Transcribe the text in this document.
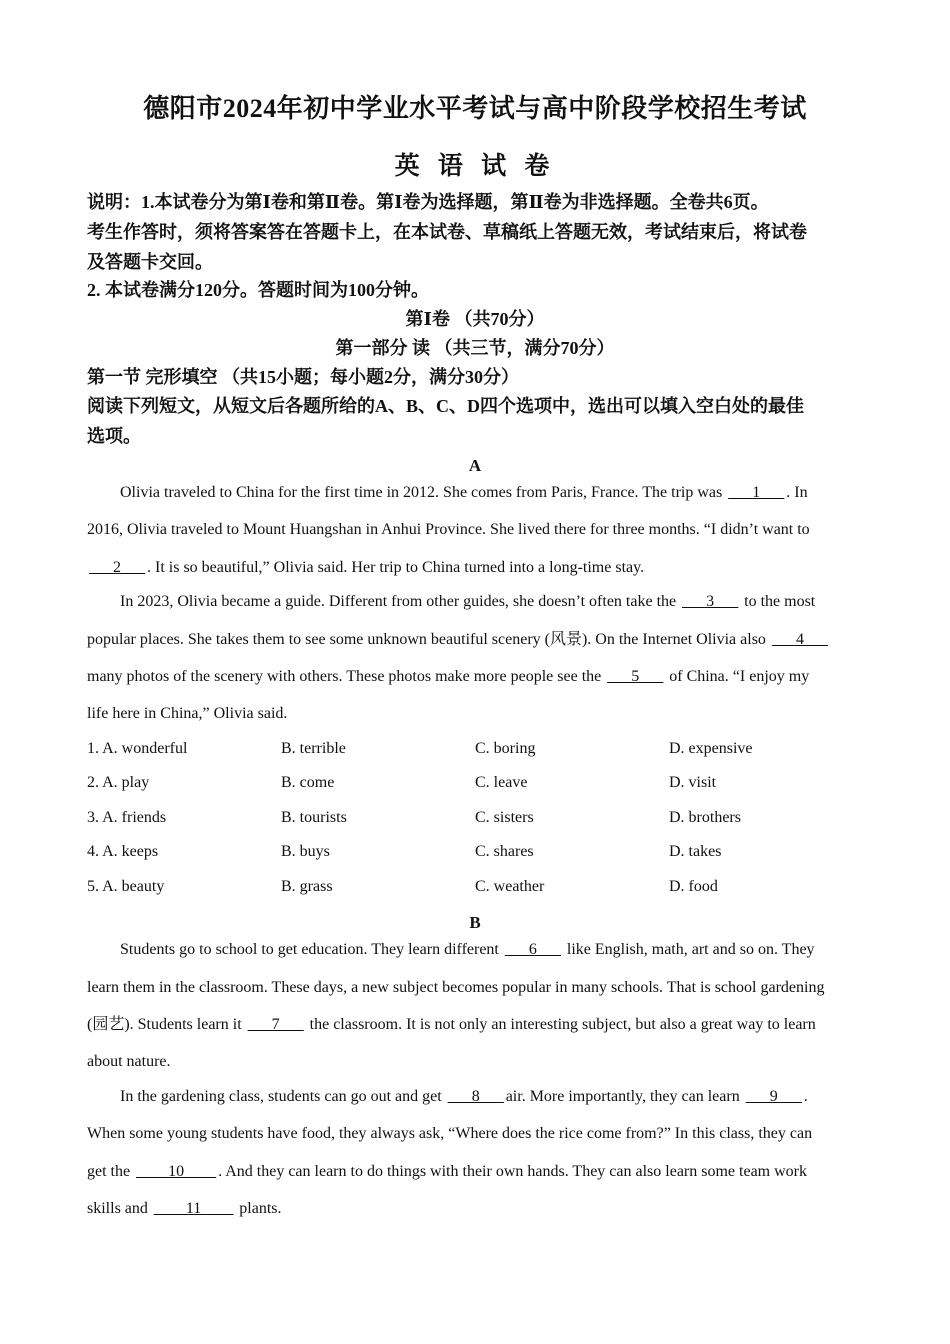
德阳市2024年初中学业水平考试与高中阶段学校招生考试
英 语 试 卷
说明：1.本试卷分为第Ⅰ卷和第Ⅱ卷。第Ⅰ卷为选择题，第Ⅱ卷为非选择题。全卷共6页。
考生作答时，须将答案答在答题卡上，在本试卷、草稿纸上答题无效，考试结束后，将试卷
及答题卡交回。
2. 本试卷满分120分。答题时间为100分钟。
第Ⅰ卷 （共70分）
第一部分 读 （共三节，满分70分）
第一节 完形填空 （共15小题；每小题2分，满分30分）
阅读下列短文，从短文后各题所给的A、B、C、D四个选项中，选出可以填入空白处的最佳
选项。
A
Olivia traveled to China for the first time in 2012. She comes from Paris, France. The trip was ___1___ . In
2016, Olivia traveled to Mount Huangshan in Anhui Province. She lived there for three months. “I didn’t want to
___2___ . It is so beautiful,” Olivia said. Her trip to China turned into a long-time stay.
In 2023, Olivia became a guide. Different from other guides, she doesn’t often take the ___3___ to the most
popular places. She takes them to see some unknown beautiful scenery (风景). On the Internet Olivia also ___4___
many photos of the scenery with others. These photos make more people see the ___5___ of China. “I enjoy my
life here in China,” Olivia said.
1. A. wonderful	B. terrible	C. boring	D. expensive
2. A. play	B. come	C. leave	D. visit
3. A. friends	B. tourists	C. sisters	D. brothers
4. A. keeps	B. buys	C. shares	D. takes
5. A. beauty	B. grass	C. weather	D. food
B
Students go to school to get education. They learn different ___6___ like English, math, art and so on. They
learn them in the classroom. These days, a new subject becomes popular in many schools. That is school gardening
(园艺). Students learn it ___7___ the classroom. It is not only an interesting subject, but also a great way to learn
about nature.
In the gardening class, students can go out and get ___8___ air. More importantly, they can learn ___9___ .
When some young students have food, they always ask, “Where does the rice come from?” In this class, they can
get the ____10____ . And they can learn to do things with their own hands. They can also learn some team work
skills and ____11____ plants.
